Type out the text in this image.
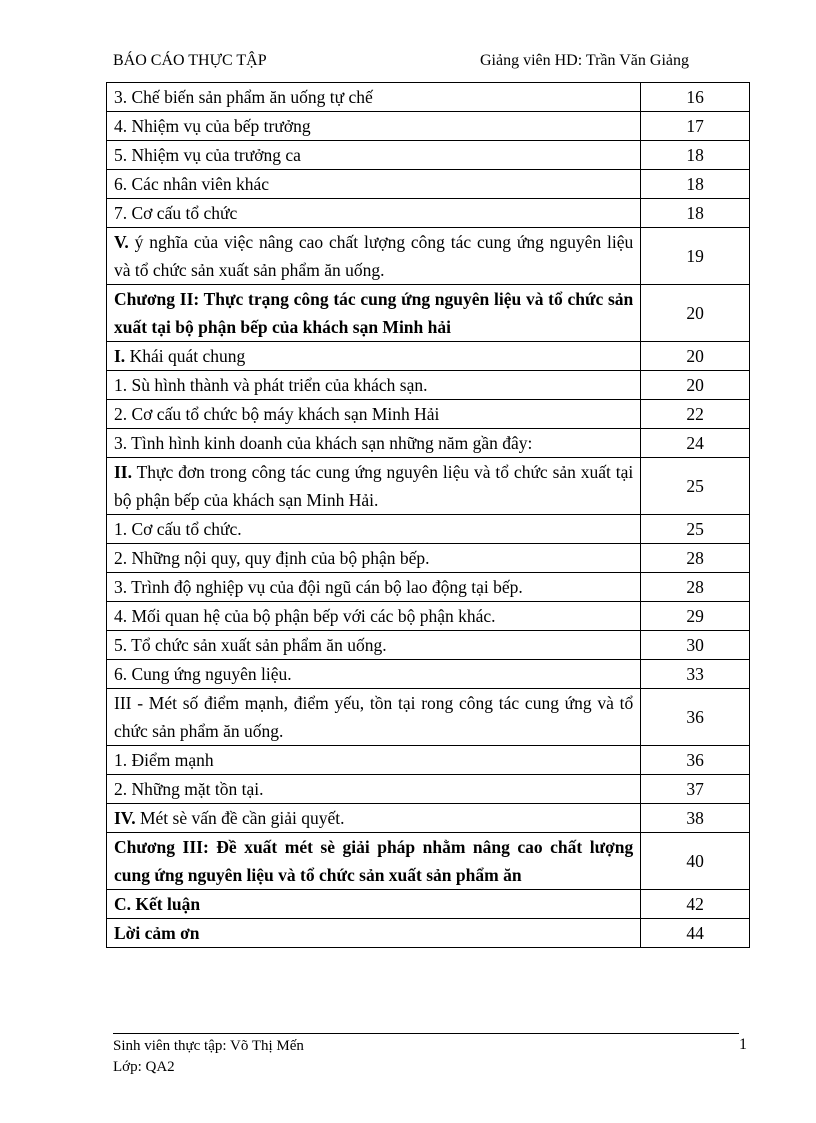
BÁO CÁO THỰC TẬP	Giảng viên HD: Trần Văn Giảng
3. Chế biến sản phẩm ăn uống tự chế	16
4. Nhiệm vụ của bếp trưởng	17
5. Nhiệm vụ của trưởng ca	18
6. Các nhân viên khác	18
7. Cơ cấu tổ chức	18
V. ý nghĩa của việc nâng cao chất lượng công tác cung ứng nguyên liệu và tổ chức sản xuất sản phẩm ăn uống.	19
Chương II: Thực trạng công tác cung ứng nguyên liệu và tổ chức sản xuất tại bộ phận bếp của khách sạn Minh hải	20
I. Khái quát chung	20
1. Sù hình thành và phát triển của khách sạn.	20
2. Cơ cấu tổ chức bộ máy khách sạn Minh Hải	22
3. Tình hình kinh doanh của khách sạn những năm gần đây:	24
II. Thực đơn trong công tác cung ứng nguyên liệu và tổ chức sản xuất tại bộ phận bếp của khách sạn Minh Hải.	25
1. Cơ cấu tổ chức.	25
2. Những nội quy, quy định của bộ phận bếp.	28
3. Trình độ nghiệp vụ của đội ngũ cán bộ lao động tại bếp.	28
4. Mối quan hệ của bộ phận bếp với các bộ phận khác.	29
5. Tổ chức sản xuất sản phẩm ăn uống.	30
6. Cung ứng nguyên liệu.	33
III - Mét số điểm mạnh, điểm yếu, tồn tại rong công tác cung ứng và tổ chức sản phẩm ăn uống.	36
1. Điểm mạnh	36
2. Những mặt tồn tại.	37
IV. Mét sè vấn đề cần giải quyết.	38
Chương III: Đề xuất mét sè giải pháp nhằm nâng cao chất lượng cung ứng nguyên liệu và tổ chức sản xuất sản phẩm ăn	40
C. Kết luận	42
Lời cảm ơn	44
Sinh viên thực tập: Võ Thị Mến
Lớp: QA2
1
